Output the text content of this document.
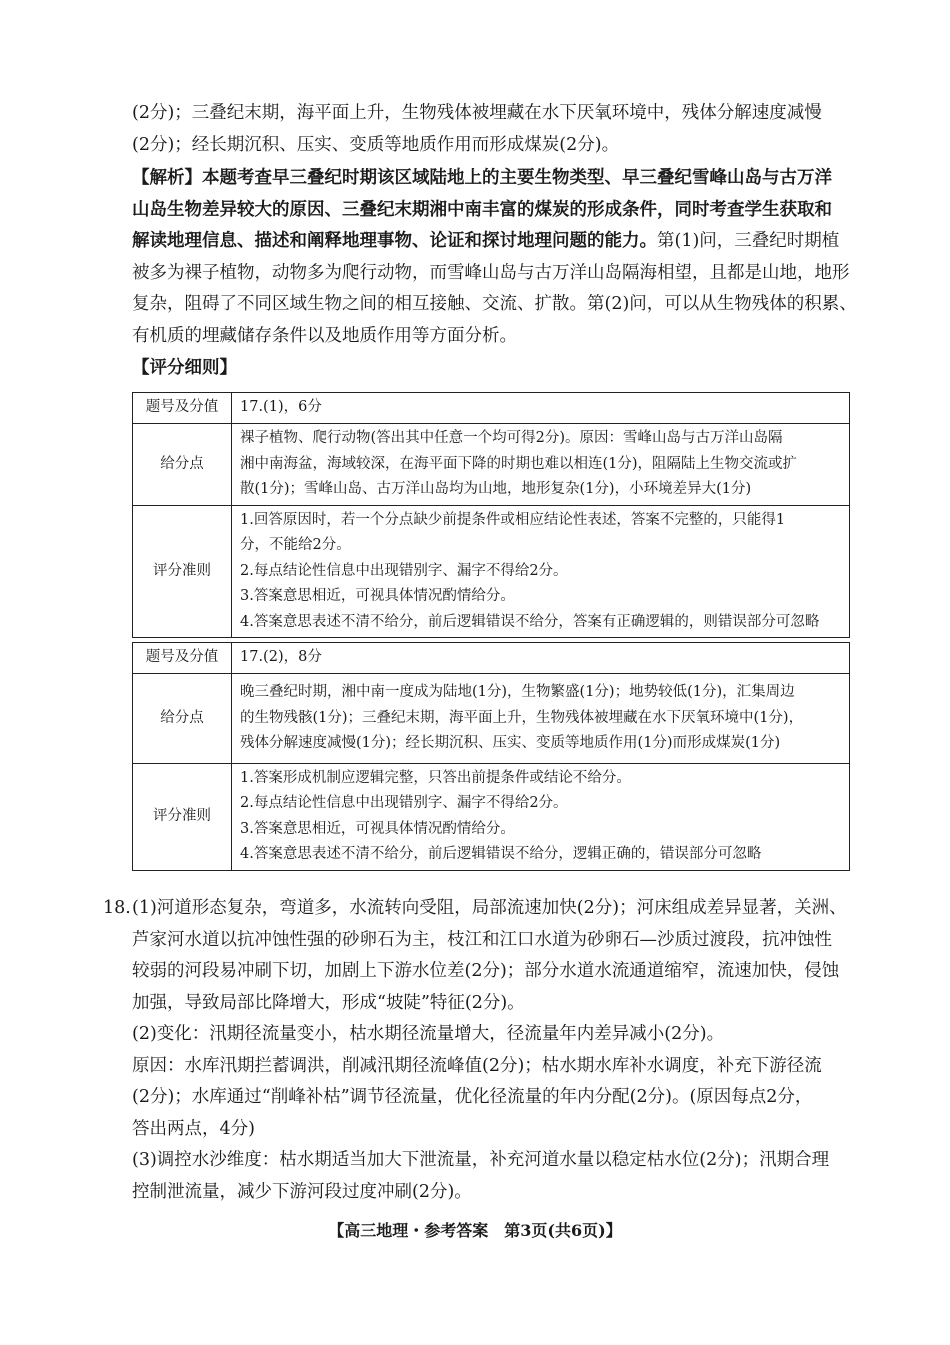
(2分)；三叠纪末期，海平面上升，生物残体被埋藏在水下厌氧环境中，残体分解速度减慢
(2分)；经长期沉积、压实、变质等地质作用而形成煤炭(2分)。
【解析】本题考查早三叠纪时期该区域陆地上的主要生物类型、早三叠纪雪峰山岛与古万洋
山岛生物差异较大的原因、三叠纪末期湘中南丰富的煤炭的形成条件，同时考查学生获取和
解读地理信息、描述和阐释地理事物、论证和探讨地理问题的能力。第(1)问，三叠纪时期植
被多为裸子植物，动物多为爬行动物，而雪峰山岛与古万洋山岛隔海相望，且都是山地，地形
复杂，阻碍了不同区域生物之间的相互接触、交流、扩散。第(2)问，可以从生物残体的积累、
有机质的埋藏储存条件以及地质作用等方面分析。
【评分细则】
题号及分值	17.(1)，6分
给分点	裸子植物、爬行动物(答出其中任意一个均可得2分)。原因：雪峰山岛与古万洋山岛隔
湘中南海盆，海域较深，在海平面下降的时期也难以相连(1分)，阻隔陆上生物交流或扩
散(1分)；雪峰山岛、古万洋山岛均为山地，地形复杂(1分)，小环境差异大(1分)

评分准则	1.回答原因时，若一个分点缺少前提条件或相应结论性表述，答案不完整的，只能得1
分，不能给2分。
2.每点结论性信息中出现错别字、漏字不得给2分。
3.答案意思相近，可视具体情况酌情给分。
4.答案意思表述不清不给分，前后逻辑错误不给分，答案有正确逻辑的，则错误部分可忽略

题号及分值	17.(2)，8分
给分点	晚三叠纪时期，湘中南一度成为陆地(1分)，生物繁盛(1分)；地势较低(1分)，汇集周边
的生物残骸(1分)；三叠纪末期，海平面上升，生物残体被埋藏在水下厌氧环境中(1分)，
残体分解速度减慢(1分)；经长期沉积、压实、变质等地质作用(1分)而形成煤炭(1分)

评分准则	1.答案形成机制应逻辑完整，只答出前提条件或结论不给分。
2.每点结论性信息中出现错别字、漏字不得给2分。
3.答案意思相近，可视具体情况酌情给分。
4.答案意思表述不清不给分，前后逻辑错误不给分，逻辑正确的，错误部分可忽略
18. (1)河道形态复杂，弯道多，水流转向受阻，局部流速加快(2分)；河床组成差异显著，关洲、
芦家河水道以抗冲蚀性强的砂卵石为主，枝江和江口水道为砂卵石—沙质过渡段，抗冲蚀性
较弱的河段易冲刷下切，加剧上下游水位差(2分)；部分水道水流通道缩窄，流速加快，侵蚀
加强，导致局部比降增大，形成“坡陡”特征(2分)。
(2)变化：汛期径流量变小，枯水期径流量增大，径流量年内差异减小(2分)。
原因：水库汛期拦蓄调洪，削减汛期径流峰值(2分)；枯水期水库补水调度，补充下游径流
(2分)；水库通过“削峰补枯”调节径流量，优化径流量的年内分配(2分)。(原因每点2分，
答出两点，4分)
(3)调控水沙维度：枯水期适当加大下泄流量，补充河道水量以稳定枯水位(2分)；汛期合理
控制泄流量，减少下游河段过度冲刷(2分)。
【高三地理・参考答案　第3页(共6页)】
